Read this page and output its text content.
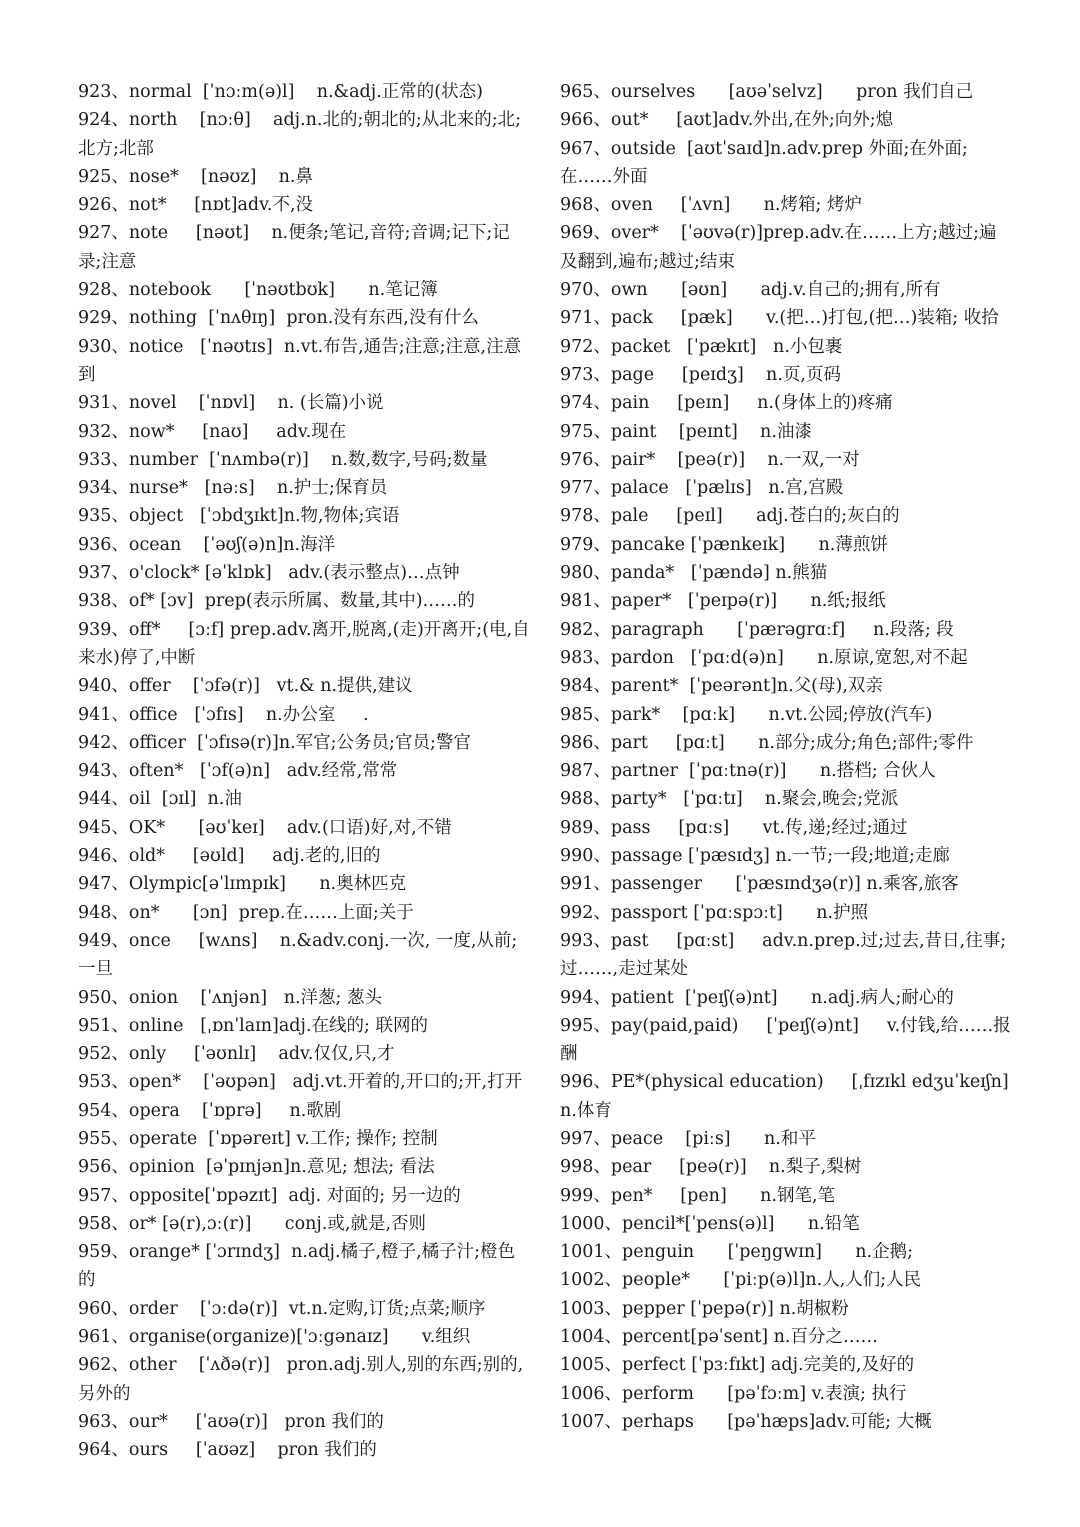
923、normal  [ˈnɔːm(ə)l]    n.&adj.正常的(状态)

924、north    [nɔːθ]    adj.n.北的;朝北的;从北来的;北;北方;北部

925、nose*    [nəʊz]    n.鼻

926、not*     [nɒt]adv.不,没

927、note     [nəʊt]    n.便条;笔记,音符;音调;记下;记录;注意

928、notebook      [ˈnəʊtbʊk]      n.笔记簿

929、nothing  [ˈnʌθɪŋ]  pron.没有东西,没有什么

930、notice   [ˈnəʊtɪs]  n.vt.布告,通告;注意;注意,注意到

931、novel    [ˈnɒvl]    n. (长篇)小说

932、now*     [naʊ]     adv.现在

933、number  [ˈnʌmbə(r)]    n.数,数字,号码;数量

934、nurse*   [nəːs]    n.护士;保育员

935、object   [ˈɔbdʒɪkt]n.物,物体;宾语

936、ocean    [ˈəʊʃ(ə)n]n.海洋

937、o'clock* [əˈklɒk]   adv.(表示整点)…点钟

938、of* [ɔv]  prep(表示所属、数量,其中)……的

939、off*     [ɔːf] prep.adv.离开,脱离,(走)开离开;(电,自来水)停了,中断

940、offer    [ˈɔfə(r)]   vt.& n.提供,建议

941、office   [ˈɔfɪs]    n.办公室     .

942、officer  [ˈɔfɪsə(r)]n.军官;公务员;官员;警官

943、often*   [ˈɔf(ə)n]   adv.经常,常常

944、oil  [ɔɪl]  n.油

945、OK*      [əʊˈkeɪ]    adv.(口语)好,对,不错

946、old*     [əʊld]     adj.老的,旧的

947、Olympic[əˈlɪmpɪk]      n.奥林匹克

948、on*      [ɔn]  prep.在……上面;关于

949、once     [wʌns]    n.&adv.conj.一次, 一度,从前;一旦

950、onion    [ˈʌnjən]   n.洋葱; 葱头

951、online   [ˌɒnˈlaɪn]adj.在线的; 联网的

952、only     [ˈəʊnlɪ]    adv.仅仅,只,才

953、open*    [ˈəʊpən]   adj.vt.开着的,开口的;开,打开

954、opera    [ˈɒprə]     n.歌剧

955、operate  [ˈɒpəreɪt] v.工作; 操作; 控制

956、opinion  [əˈpɪnjən]n.意见; 想法; 看法

957、opposite[ˈɒpəzɪt]  adj. 对面的; 另一边的

958、or* [ə(r),ɔː(r)]      conj.或,就是,否则

959、orange* [ˈɔrɪndʒ]  n.adj.橘子,橙子,橘子汁;橙色的

960、order    [ˈɔːdə(r)]  vt.n.定购,订货;点菜;顺序

961、organise(organize)['ɔːgənaɪz]      v.组织

962、other    [ˈʌðə(r)]   pron.adj.别人,别的东西;别的,另外的

963、our*     [ˈaʊə(r)]   pron 我们的

964、ours     [ˈaʊəz]    pron 我们的

965、ourselves      [aʊəˈselvz]      pron 我们自己

966、out*     [aʊt]adv.外出,在外;向外;熄

967、outside  [aʊtˈsaɪd]n.adv.prep 外面;在外面;在……外面

968、oven     [ˈʌvn]      n.烤箱; 烤炉

969、over*    [ˈəʊvə(r)]prep.adv.在……上方;越过;遍及翻到,遍布;越过;结束

970、own      [əʊn]      adj.v.自己的;拥有,所有

971、pack     [pæk]      v.(把…)打包,(把…)装箱; 收拾

972、packet   [ˈpækɪt]   n.小包裹

973、page     [peɪdʒ]    n.页,页码

974、pain     [peɪn]     n.(身体上的)疼痛

975、paint    [peɪnt]    n.油漆

976、pair*    [peə(r)]    n.一双,一对

977、palace   [ˈpælɪs]   n.宫,宫殿

978、pale     [peɪl]      adj.苍白的;灰白的

979、pancake [ˈpænkeɪk]      n.薄煎饼

980、panda*   [ˈpændə] n.熊猫

981、paper*   [ˈpeɪpə(r)]      n.纸;报纸

982、paragraph      [ˈpærəgrɑːf]     n.段落; 段

983、pardon   [ˈpɑːd(ə)n]      n.原谅,宽恕,对不起

984、parent*  [ˈpeərənt]n.父(母),双亲

985、park*    [pɑːk]      n.vt.公园;停放(汽车)

986、part     [pɑːt]      n.部分;成分;角色;部件;零件

987、partner  [ˈpɑːtnə(r)]      n.搭档; 合伙人

988、party*   [ˈpɑːtɪ]    n.聚会,晚会;党派

989、pass     [pɑːs]      vt.传,递;经过;通过

990、passage [ˈpæsɪdʒ] n.一节;一段;地道;走廊

991、passenger      [ˈpæsɪndʒə(r)] n.乘客,旅客

992、passport [ˈpɑːspɔːt]      n.护照

993、past     [pɑːst]     adv.n.prep.过;过去,昔日,往事;过……,走过某处

994、patient  [ˈpeɪʃ(ə)nt]      n.adj.病人;耐心的

995、pay(paid,paid)     [ˈpeɪʃ(ə)nt]     v.付钱,给……报酬

996、PE*(physical education)     [ˌfɪzɪkl edʒuˈkeɪʃn] n.体育

997、peace    [piːs]      n.和平

998、pear     [peə(r)]    n.梨子,梨树

999、pen*     [pen]      n.钢笔,笔

1000、pencil*[ˈpens(ə)l]      n.铅笔

1001、penguin      [ˈpeŋgwɪn]      n.企鹅;

1002、people*      [ˈpiːp(ə)l]n.人,人们;人民

1003、pepper [ˈpepə(r)] n.胡椒粉

1004、percent[pəˈsent] n.百分之……

1005、perfect [ˈpɜːfɪkt] adj.完美的,及好的

1006、perform      [pəˈfɔːm] v.表演; 执行

1007、perhaps      [pəˈhæps]adv.可能; 大概
